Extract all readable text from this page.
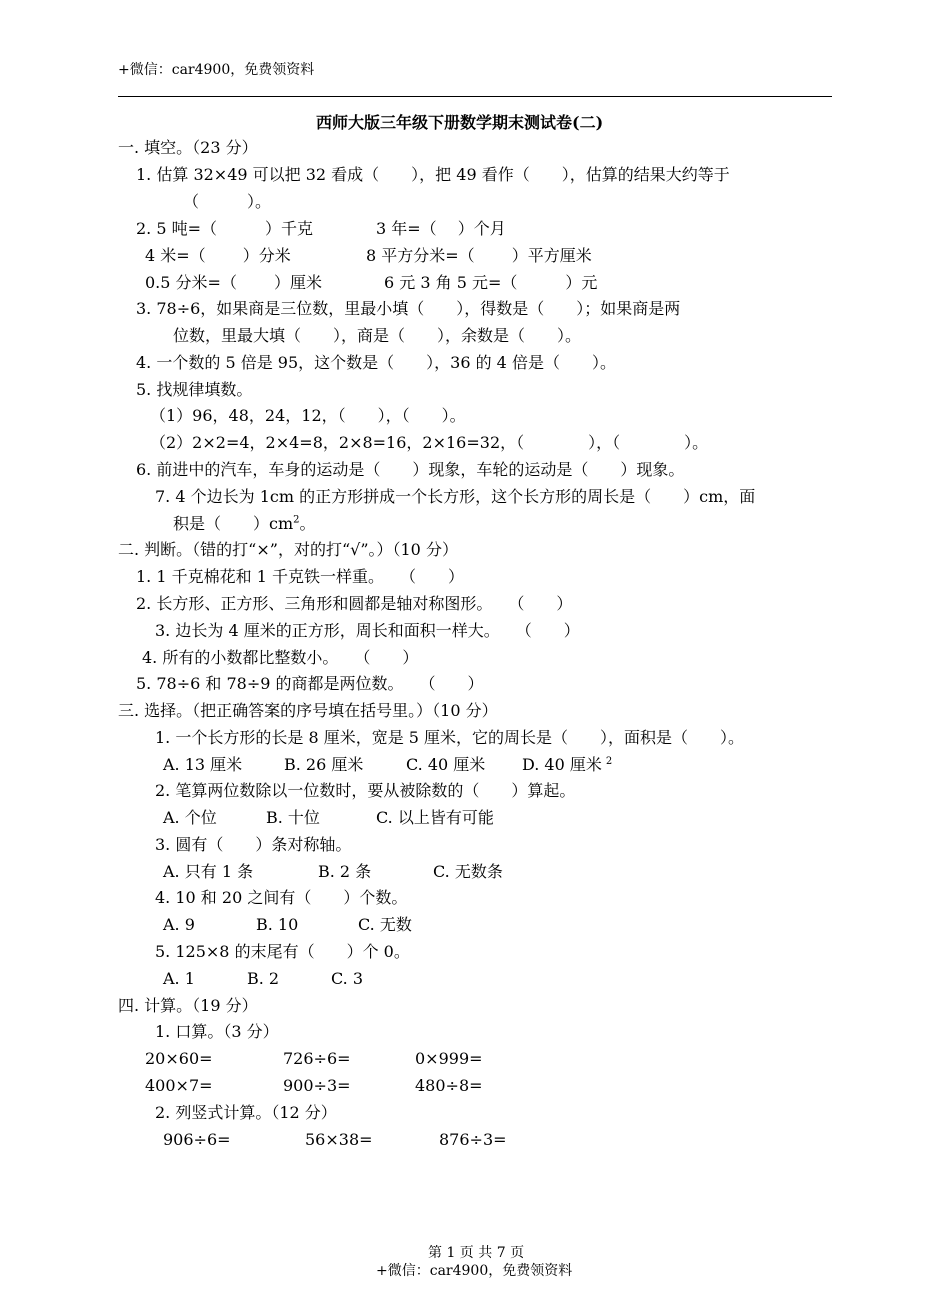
+微信：car4900，免费领资料
西师大版三年级下册数学期末测试卷(二)
一. 填空。（23 分）
1. 估算 32×49 可以把 32 看成（　　），把 49 看作（　　），估算的结果大约等于
（　　　）。
2. 5 吨=（　　　）千克	3 年=（　 ）个月
4 米=（　　 ）分米	8 平方分米=（　　 ）平方厘米
0.5 分米=（　　 ）厘米	6 元 3 角 5 元=（　　　）元
3. 78÷6，如果商是三位数，里最小填（　　），得数是（　　）；如果商是两
位数，里最大填（　　），商是（　　），余数是（　　）。
4. 一个数的 5 倍是 95，这个数是（　　），36 的 4 倍是（　　）。
5. 找规律填数。
（1）96，48，24，12，（　　），（　　）。
（2）2×2=4，2×4=8，2×8=16，2×16=32，（　　　　），（　　　　）。
6. 前进中的汽车，车身的运动是（　　）现象，车轮的运动是（　　）现象。
7. 4 个边长为 1cm 的正方形拼成一个长方形，这个长方形的周长是（　　）cm，面
积是（　　）$cm^2$。
二. 判断。（错的打“×”，对的打“√”。）（10 分）
1. 1 千克棉花和 1 千克铁一样重。　　（　　）
2. 长方形、正方形、三角形和圆都是轴对称图形。　　（　　）
3. 边长为 4 厘米的正方形，周长和面积一样大。　　（　　）
4. 所有的小数都比整数小。　　（　　）
5. 78÷6 和 78÷9 的商都是两位数。　　（　　）
三. 选择。（把正确答案的序号填在括号里。）（10 分）
1. 一个长方形的长是 8 厘米，宽是 5 厘米，它的周长是（　　），面积是（　　）。
A. 13 厘米	B. 26 厘米	C. 40 厘米 D. 40 厘米 $^2$
2. 笔算两位数除以一位数时，要从被除数的（　　）算起。
A. 个位	B. 十位	C. 以上皆有可能
3. 圆有（　　）条对称轴。
A. 只有 1 条	B. 2 条	C. 无数条
4. 10 和 20 之间有（　　）个数。
A. 9	B. 10	C. 无数
5. 125×8 的末尾有（　　）个 0。
A. 1	B. 2	C. 3
四. 计算。（19 分）
1. 口算。（3 分）
20×60=	726÷6=	0×999=
400×7=	900÷3=	480÷8=
2. 列竖式计算。（12 分）
906÷6=	56×38=	876÷3=
第 1 页 共 7 页
+微信：car4900，免费领资料
